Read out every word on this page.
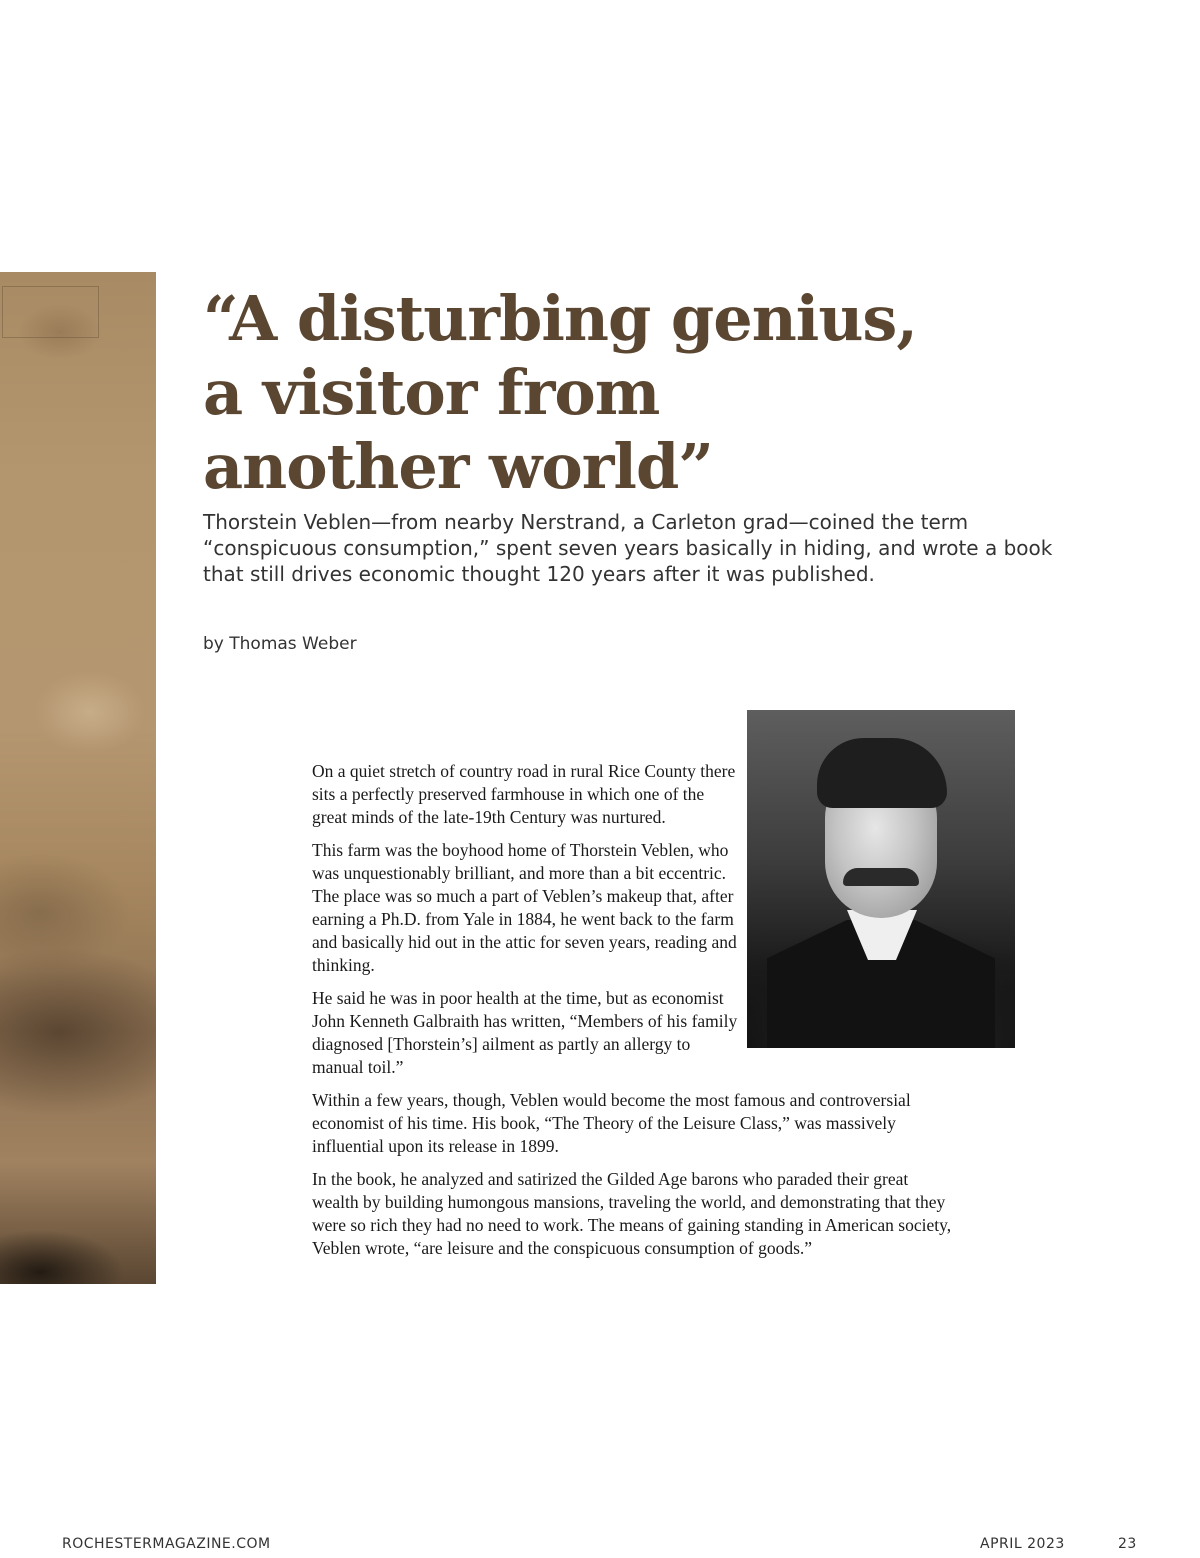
“A disturbing genius,
a visitor from
another world”

Thorstein Veblen—from nearby Nerstrand, a Carleton grad—coined the term “conspicuous consumption,” spent seven years basically in hiding, and wrote a book that still drives economic thought 120 years after it was published.

by Thomas Weber

On a quiet stretch of country road in rural Rice County there sits a perfectly preserved farmhouse in which one of the great minds of the late-19th Century was nurtured.

This farm was the boyhood home of Thorstein Veblen, who was unquestionably brilliant, and more than a bit eccentric. The place was so much a part of Veblen’s makeup that, after earning a Ph.D. from Yale in 1884, he went back to the farm and basically hid out in the attic for seven years, reading and thinking.

He said he was in poor health at the time, but as economist John Kenneth Galbraith has written, “Members of his family diagnosed [Thorstein’s] ailment as partly an allergy to manual toil.”

Within a few years, though, Veblen would become the most famous and controversial economist of his time. His book, “The Theory of the Leisure Class,” was massively influential upon its release in 1899.

In the book, he analyzed and satirized the Gilded Age barons who paraded their great wealth by building humongous mansions, traveling the world, and demonstrating that they were so rich they had no need to work. The means of gaining standing in American society, Veblen wrote, “are leisure and the conspicuous consumption of goods.”

ROCHESTERMAGAZINE.COM	APRIL 2023	23
